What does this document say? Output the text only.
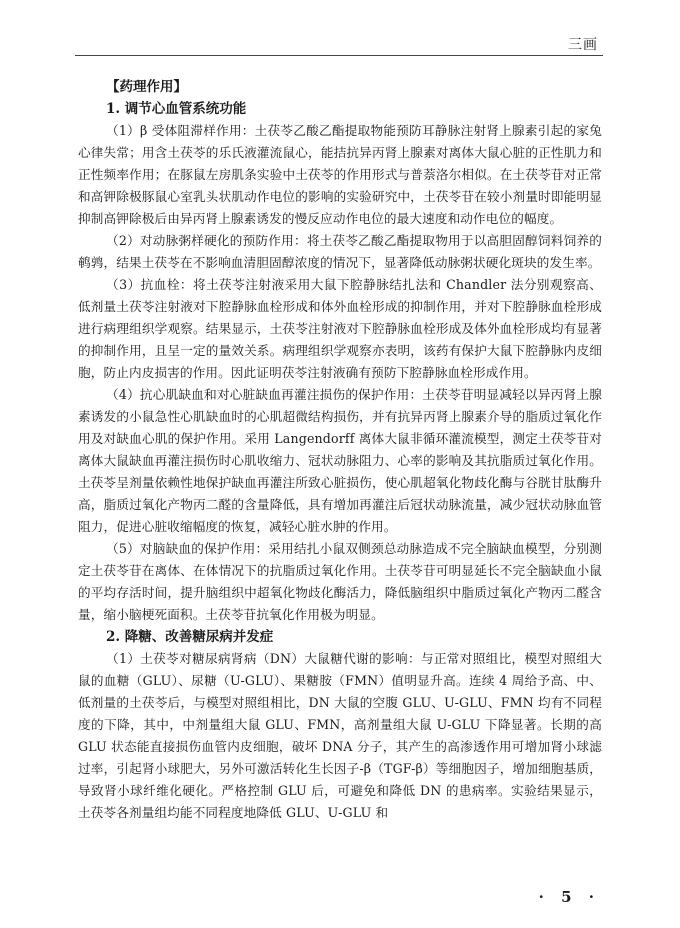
三画
【药理作用】
1. 调节心血管系统功能

（1）β 受体阻滞样作用：土茯苓乙酸乙酯提取物能预防耳静脉注射肾上腺素引起的家兔心律失常；用含土茯苓的乐氏液灌流鼠心，能拮抗异丙肾上腺素对离体大鼠心脏的正性肌力和正性频率作用；在豚鼠左房肌条实验中土茯苓的作用形式与普萘洛尔相似。在土茯苓苷对正常和高钾除极豚鼠心室乳头状肌动作电位的影响的实验研究中，土茯苓苷在较小剂量时即能明显抑制高钾除极后由异丙肾上腺素诱发的慢反应动作电位的最大速度和动作电位的幅度。

（2）对动脉粥样硬化的预防作用：将土茯苓乙酸乙酯提取物用于以高胆固醇饲料饲养的鹌鹑，结果土茯苓在不影响血清胆固醇浓度的情况下，显著降低动脉粥状硬化斑块的发生率。

（3）抗血栓：将土茯苓注射液采用大鼠下腔静脉结扎法和 Chandler 法分别观察高、低剂量土茯苓注射液对下腔静脉血栓形成和体外血栓形成的抑制作用，并对下腔静脉血栓形成进行病理组织学观察。结果显示，土茯苓注射液对下腔静脉血栓形成及体外血栓形成均有显著的抑制作用，且呈一定的量效关系。病理组织学观察亦表明，该药有保护大鼠下腔静脉内皮细胞，防止内皮损害的作用。因此证明茯苓注射液确有预防下腔静脉血栓形成作用。

（4）抗心肌缺血和对心脏缺血再灌注损伤的保护作用：土茯苓苷明显减轻以异丙肾上腺素诱发的小鼠急性心肌缺血时的心肌超微结构损伤，并有抗异丙肾上腺素介导的脂质过氧化作用及对缺血心肌的保护作用。采用 Langendorff 离体大鼠非循环灌流模型，测定土茯苓苷对离体大鼠缺血再灌注损伤时心肌收缩力、冠状动脉阻力、心率的影响及其抗脂质过氧化作用。土茯苓呈剂量依赖性地保护缺血再灌注所致心脏损伤，使心肌超氧化物歧化酶与谷胱甘肽酶升高，脂质过氧化产物丙二醛的含量降低，具有增加再灌注后冠状动脉流量，减少冠状动脉血管阻力，促进心脏收缩幅度的恢复，减轻心脏水肿的作用。

（5）对脑缺血的保护作用：采用结扎小鼠双侧颈总动脉造成不完全脑缺血模型，分别测定土茯苓苷在离体、在体情况下的抗脂质过氧化作用。土茯苓苷可明显延长不完全脑缺血小鼠的平均存活时间，提升脑组织中超氧化物歧化酶活力，降低脑组织中脂质过氧化产物丙二醛含量，缩小脑梗死面积。土茯苓苷抗氧化作用极为明显。

2. 降糖、改善糖尿病并发症

（1）土茯苓对糖尿病肾病（DN）大鼠糖代谢的影响：与正常对照组比，模型对照组大鼠的血糖（GLU）、尿糖（U-GLU）、果糖胺（FMN）值明显升高。连续 4 周给予高、中、低剂量的土茯苓后，与模型对照组相比，DN 大鼠的空腹 GLU、U-GLU、FMN 均有不同程度的下降，其中，中剂量组大鼠 GLU、FMN，高剂量组大鼠 U-GLU 下降显著。长期的高 GLU 状态能直接损伤血管内皮细胞，破坏 DNA 分子，其产生的高渗透作用可增加肾小球滤过率，引起肾小球肥大，另外可激活转化生长因子-β（TGF-β）等细胞因子，增加细胞基质，导致肾小球纤维化硬化。严格控制 GLU 后，可避免和降低 DN 的患病率。实验结果显示，土茯苓各剂量组均能不同程度地降低 GLU、U-GLU 和

· 5 ·
